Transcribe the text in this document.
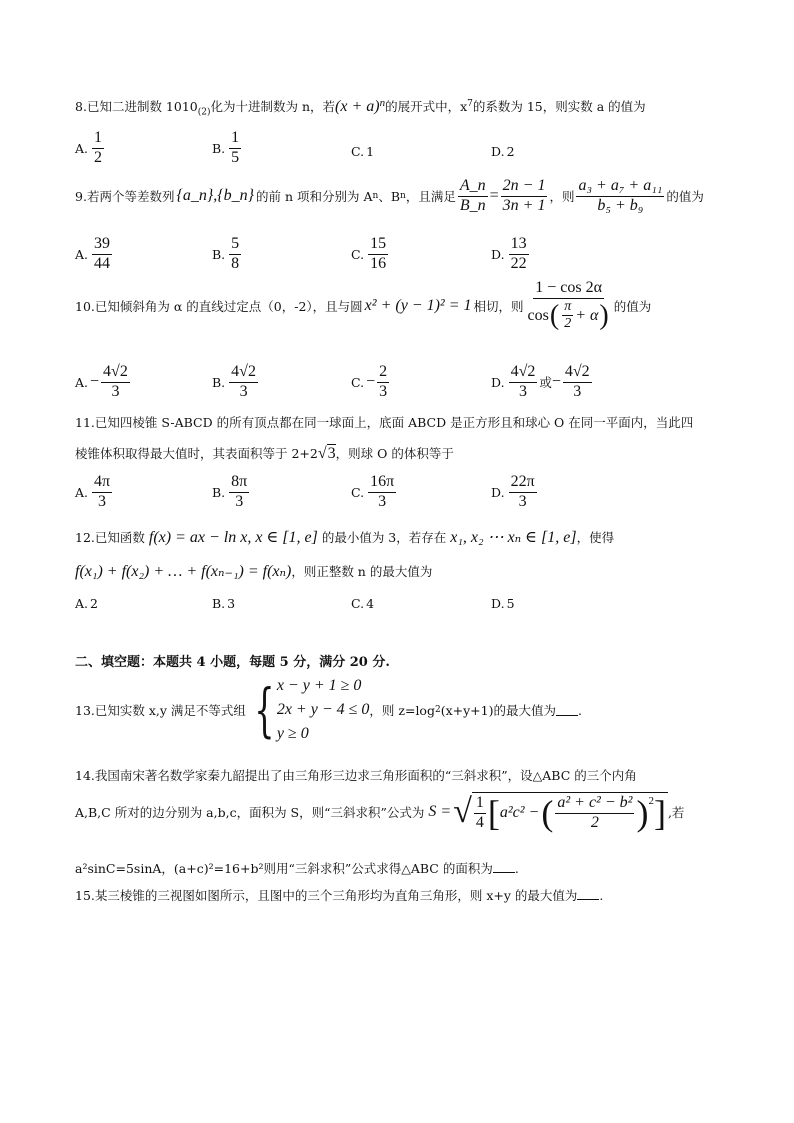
8.已知二进制数 $1010_{(2)}$化为十进制数为 n，若$(x + a)^n$的展开式中，$x^7$的系数为 15，则实数 a 的值为
A. $\frac{1}{2}$	B. $\frac{1}{5}$	C. 1	D. 2
9. 若两个等差数列 {a_n},{b_n} 的前 n 项和分别为 A n 、B n ，且满足 $\frac{A\_n}{B\_n} = \frac{2n - 1}{3n + 1}$ ，则 $\frac{\text{a₃ + a₇ + a₁₁}}{\text{b₅ + b₉}}$ 的值为
A. $\frac{39}{44}$	B. $\frac{5}{8}$	C. $\frac{15}{16}$	D. $\frac{13}{22}$
10. 已知倾斜角为 α 的直线过定点（0，-2），且与圆 x² + (y − 1)² = 1 相切，则 $\frac{1 - \cos 2\alpha}{\cos ( \frac{\pi}{2} + \alpha )}$ 的值为
A. − $\frac{4√2}{3}$	B. $\frac{4√2}{3}$	C. − $\frac{2}{3}$	D. $\frac{4√2}{3}$ 或 − $\frac{4√2}{3}$
11.已知四棱锥 S-ABCD 的所有顶点都在同一球面上，底面 ABCD 是正方形且和球心 O 在同一平面内，当此四
棱锥体积取得最大值时，其表面积等于 2+2√3，则球 O 的体积等于
A. $\frac{4\pi}{3}$	B. $\frac{8\pi}{3}$	C. $\frac{16\pi}{3}$	D. $\frac{22\pi}{3}$
12.已知函数 f(x) = ax − ln x, x ∈ [1, e] 的最小值为 3，若存在 x₁, x₂ ⋯ xₙ ∈ [1, e]，使得
f(x₁) + f(x₂) + … + f(xₙ₋₁) = f(xₙ)，则正整数 n 的最大值为
A. 2	B. 3	C. 4	D. 5
二、填空题：本题共 4 小题，每题 5 分，满分 20 分.
13.已知实数 x,y 满足不等式组 { x − y + 1 ≥ 0
2x + y − 4 ≤ 0
y ≥ 0
，则 z=log 2 (x+y+1)的最大值为 .
14.我国南宋著名数学家秦九韶提出了由三角形三边求三角形面积的“三斜求积”，设△ABC 的三个内角
A,B,C 所对的边分别为 a,b,c，面积为 S，则“三斜求积”公式为 S = √ $\frac{1}{4}$ [ a²c² − ( $\frac{\text{a² + c² − b²}}{2}$ ) 2 ] ,若
a²sinC=5sinA，(a+c)²=16+b²则用“三斜求积”公式求得△ABC 的面积为 .
15.某三棱锥的三视图如图所示，且图中的三个三角形均为直角三角形，则 x+y 的最大值为 .
